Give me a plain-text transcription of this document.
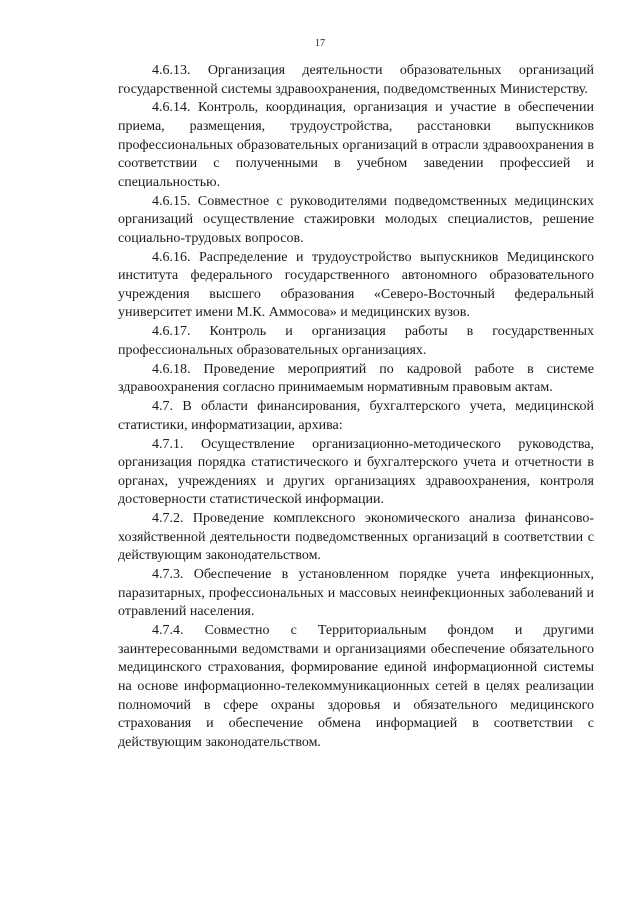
17

4.6.13. Организация деятельности образовательных организаций государственной системы здравоохранения, подведомственных Министерству.

4.6.14. Контроль, координация, организация и участие в обеспечении приема, размещения, трудоустройства, расстановки выпускников профессиональных образовательных организаций в отрасли здравоохранения в соответствии с полученными в учебном заведении профессией и специальностью.

4.6.15. Совместное с руководителями подведомственных медицинских организаций осуществление стажировки молодых специалистов, решение социально-трудовых вопросов.

4.6.16. Распределение и трудоустройство выпускников Медицинского института федерального государственного автономного образовательного учреждения высшего образования «Северо-Восточный федеральный университет имени М.К. Аммосова» и медицинских вузов.

4.6.17. Контроль и организация работы в государственных профессиональных образовательных организациях.

4.6.18. Проведение мероприятий по кадровой работе в системе здравоохранения согласно принимаемым нормативным правовым актам.

4.7. В области финансирования, бухгалтерского учета, медицинской статистики, информатизации, архива:

4.7.1. Осуществление организационно-методического руководства, организация порядка статистического и бухгалтерского учета и отчетности в органах, учреждениях и других организациях здравоохранения, контроля достоверности статистической информации.

4.7.2. Проведение комплексного экономического анализа финансово-хозяйственной деятельности подведомственных организаций в соответствии с действующим законодательством.

4.7.3. Обеспечение в установленном порядке учета инфекционных, паразитарных, профессиональных и массовых неинфекционных заболеваний и отравлений населения.

4.7.4. Совместно с Территориальным фондом и другими заинтересованными ведомствами и организациями обеспечение обязательного медицинского страхования, формирование единой информационной системы на основе информационно-телекоммуникационных сетей в целях реализации полномочий в сфере охраны здоровья и обязательного медицинского страхования и обеспечение обмена информацией в соответствии с действующим законодательством.
